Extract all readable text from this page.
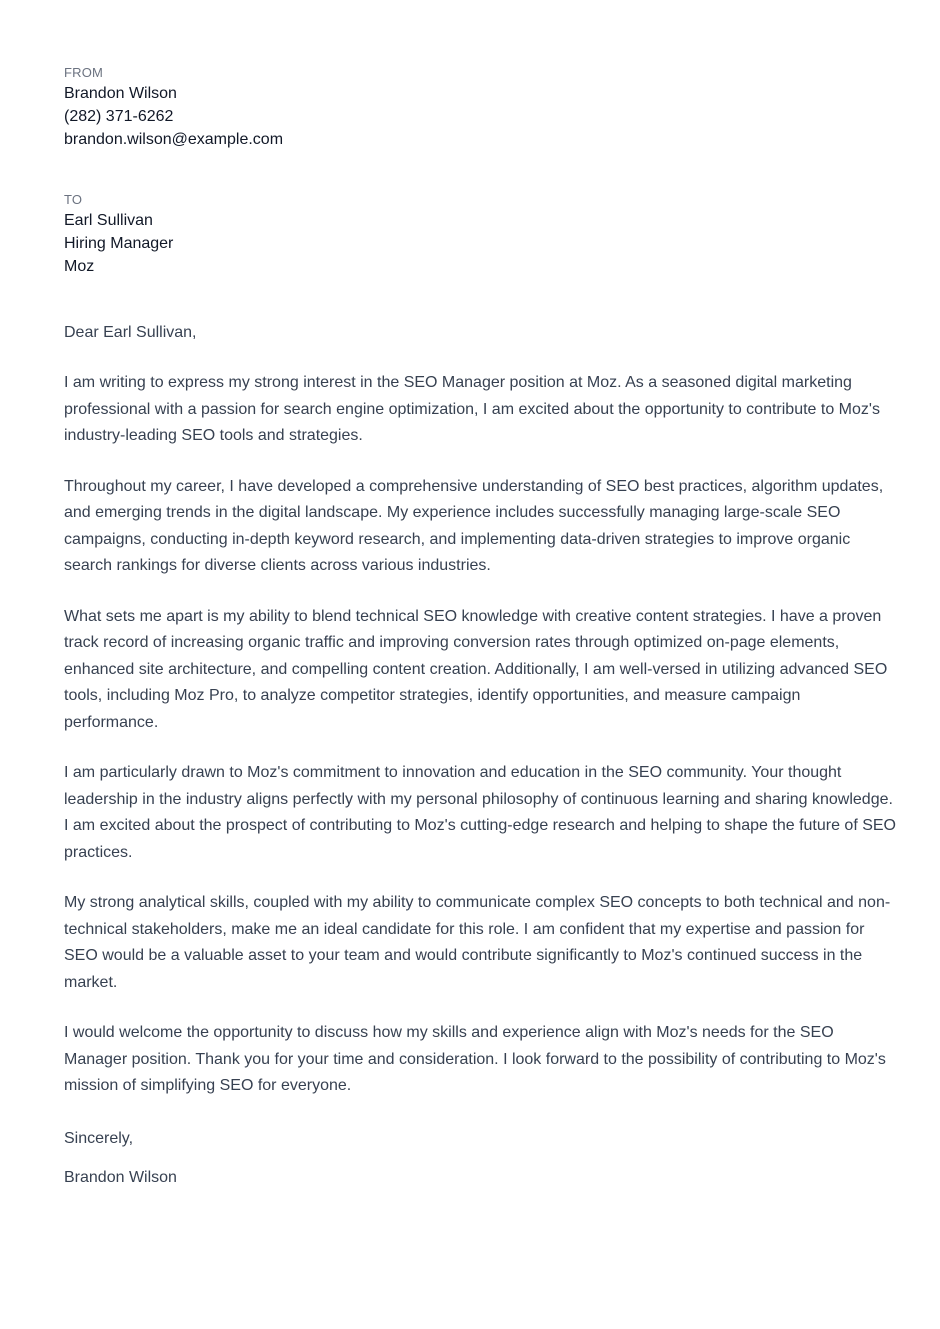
FROM
Brandon Wilson
(282) 371-6262
brandon.wilson@example.com
TO
Earl Sullivan
Hiring Manager
Moz
Dear Earl Sullivan,

I am writing to express my strong interest in the SEO Manager position at Moz. As a seasoned digital marketing professional with a passion for search engine optimization, I am excited about the opportunity to contribute to Moz's industry-leading SEO tools and strategies.

Throughout my career, I have developed a comprehensive understanding of SEO best practices, algorithm updates, and emerging trends in the digital landscape. My experience includes successfully managing large-scale SEO campaigns, conducting in-depth keyword research, and implementing data-driven strategies to improve organic search rankings for diverse clients across various industries.

What sets me apart is my ability to blend technical SEO knowledge with creative content strategies. I have a proven track record of increasing organic traffic and improving conversion rates through optimized on-page elements, enhanced site architecture, and compelling content creation. Additionally, I am well-versed in utilizing advanced SEO tools, including Moz Pro, to analyze competitor strategies, identify opportunities, and measure campaign performance.

I am particularly drawn to Moz's commitment to innovation and education in the SEO community. Your thought leadership in the industry aligns perfectly with my personal philosophy of continuous learning and sharing knowledge. I am excited about the prospect of contributing to Moz's cutting-edge research and helping to shape the future of SEO practices.

My strong analytical skills, coupled with my ability to communicate complex SEO concepts to both technical and non-technical stakeholders, make me an ideal candidate for this role. I am confident that my expertise and passion for SEO would be a valuable asset to your team and would contribute significantly to Moz's continued success in the market.

I would welcome the opportunity to discuss how my skills and experience align with Moz's needs for the SEO Manager position. Thank you for your time and consideration. I look forward to the possibility of contributing to Moz's mission of simplifying SEO for everyone.

Sincerely,
Brandon Wilson
